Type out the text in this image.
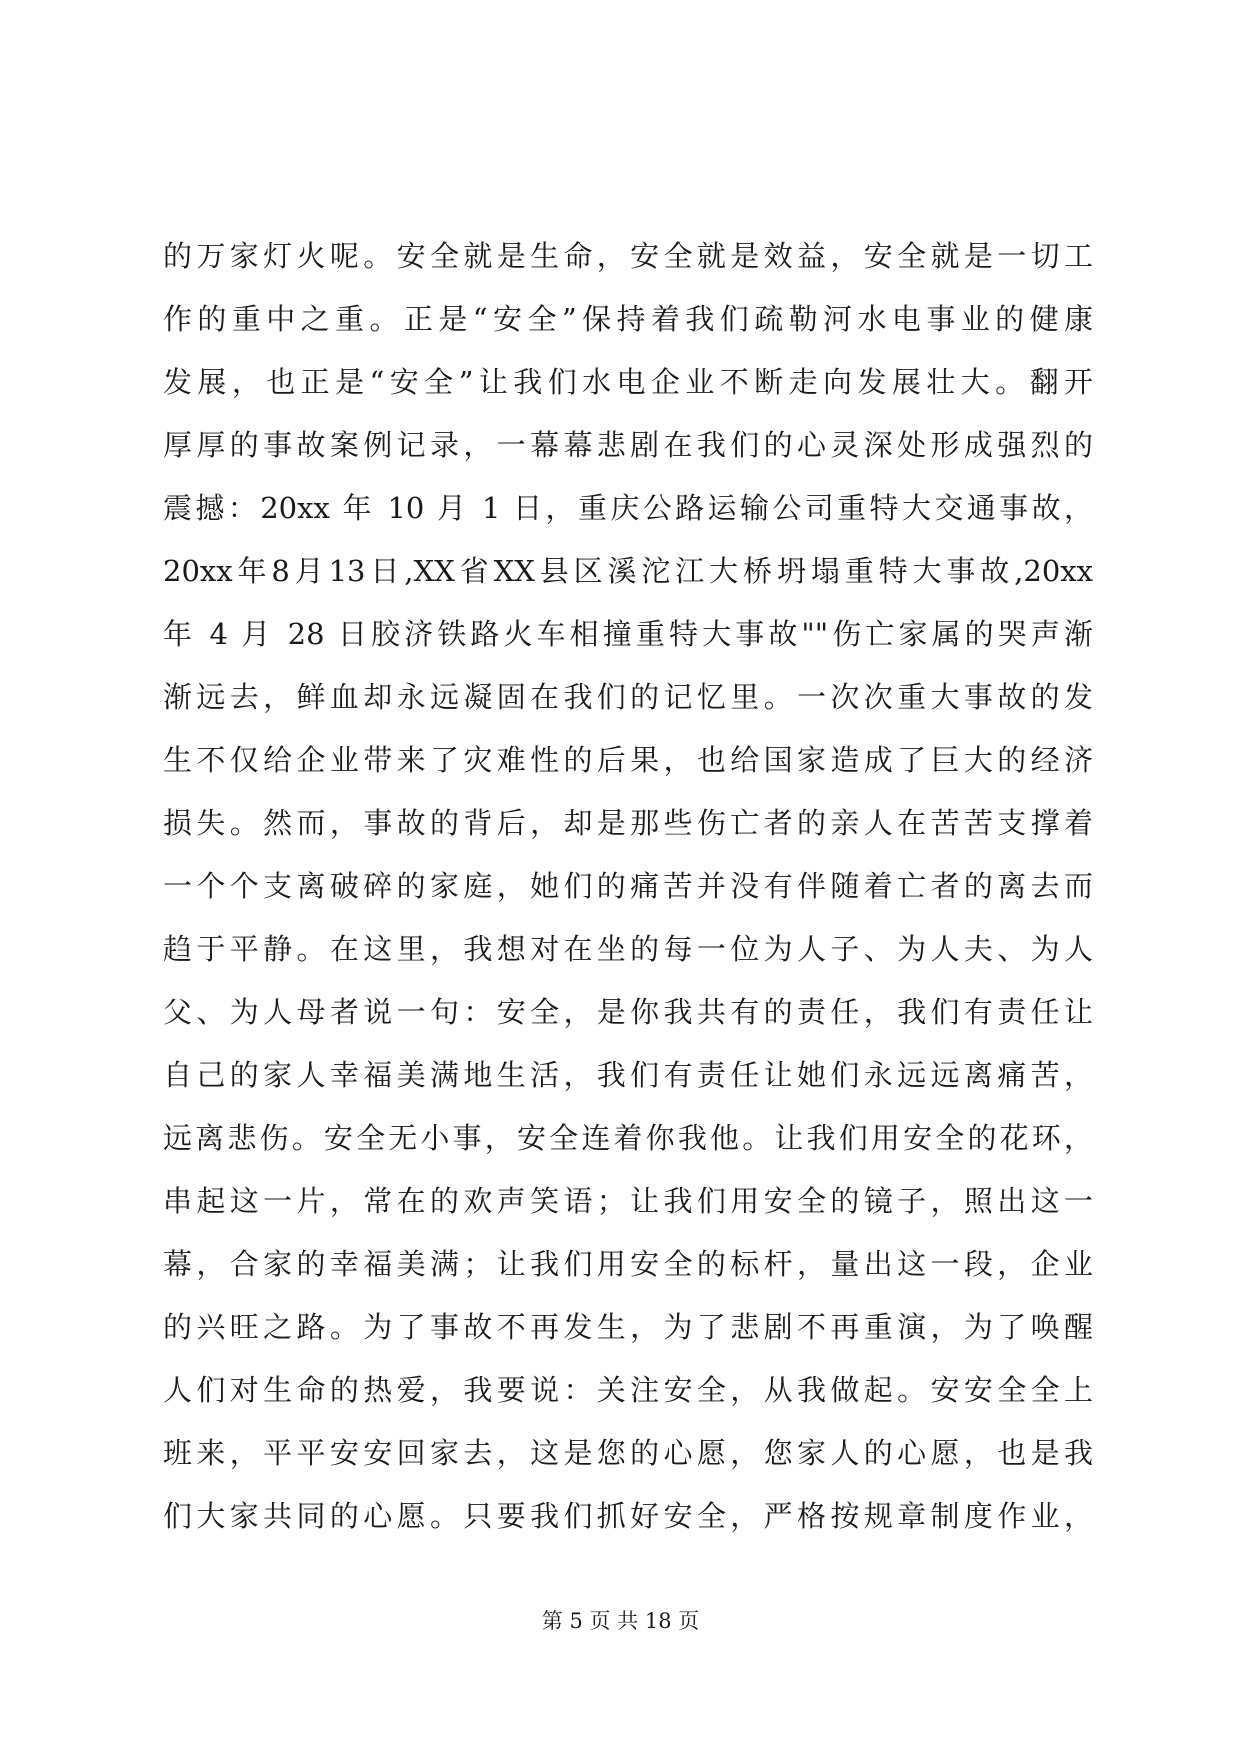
的万家灯火呢。安全就是生命，安全就是效益，安全就是一切工
作的重中之重。正是“安全”保持着我们疏勒河水电事业的健康
发展，也正是“安全”让我们水电企业不断走向发展壮大。翻开
厚厚的事故案例记录，一幕幕悲剧在我们的心灵深处形成强烈的
震撼：20xx 年 10 月 1 日，重庆公路运输公司重特大交通事故，
20xx年8月13日,XX省XX县区溪沱江大桥坍塌重特大事故,20xx
年 4 月 28 日胶济铁路火车相撞重特大事故""伤亡家属的哭声渐
渐远去，鲜血却永远凝固在我们的记忆里。一次次重大事故的发
生不仅给企业带来了灾难性的后果，也给国家造成了巨大的经济
损失。然而，事故的背后，却是那些伤亡者的亲人在苦苦支撑着
一个个支离破碎的家庭，她们的痛苦并没有伴随着亡者的离去而
趋于平静。在这里，我想对在坐的每一位为人子、为人夫、为人
父、为人母者说一句：安全，是你我共有的责任，我们有责任让
自己的家人幸福美满地生活，我们有责任让她们永远远离痛苦，
远离悲伤。安全无小事，安全连着你我他。让我们用安全的花环，
串起这一片，常在的欢声笑语；让我们用安全的镜子，照出这一
幕，合家的幸福美满；让我们用安全的标杆，量出这一段，企业
的兴旺之路。为了事故不再发生，为了悲剧不再重演，为了唤醒
人们对生命的热爱，我要说：关注安全，从我做起。安安全全上
班来，平平安安回家去，这是您的心愿，您家人的心愿，也是我
们大家共同的心愿。只要我们抓好安全，严格按规章制度作业，
第 5 页 共 18 页
